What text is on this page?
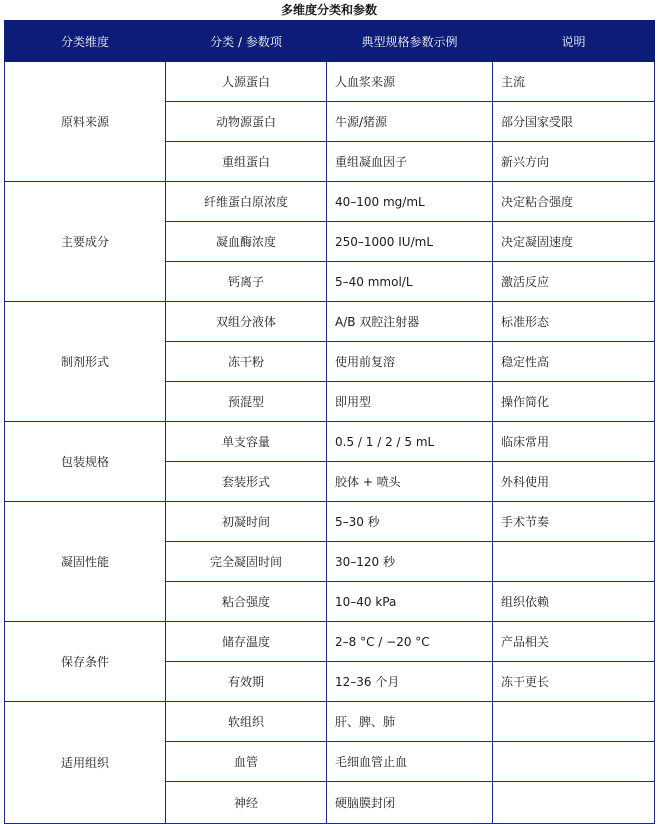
多维度分类和参数
分类维度	分类 / 参数项	典型规格参数示例	说明
原料来源	人源蛋白	人血浆来源	主流
	动物源蛋白	牛源/猪源	部分国家受限
	重组蛋白	重组凝血因子	新兴方向
主要成分	纤维蛋白原浓度	40–100 mg/mL	决定粘合强度
	凝血酶浓度	250–1000 IU/mL	决定凝固速度
	钙离子	5–40 mmol/L	激活反应
制剂形式	双组分液体	A/B 双腔注射器	标准形态
	冻干粉	使用前复溶	稳定性高
	预混型	即用型	操作简化
包装规格	单支容量	0.5 / 1 / 2 / 5 mL	临床常用
	套装形式	胶体 + 喷头	外科使用
凝固性能	初凝时间	5–30 秒	手术节奏
	完全凝固时间	30–120 秒	
	粘合强度	10–40 kPa	组织依赖
保存条件	储存温度	2–8 °C / −20 °C	产品相关
	有效期	12–36 个月	冻干更长
适用组织	软组织	肝、脾、肺	
	血管	毛细血管止血	
	神经	硬脑膜封闭	
